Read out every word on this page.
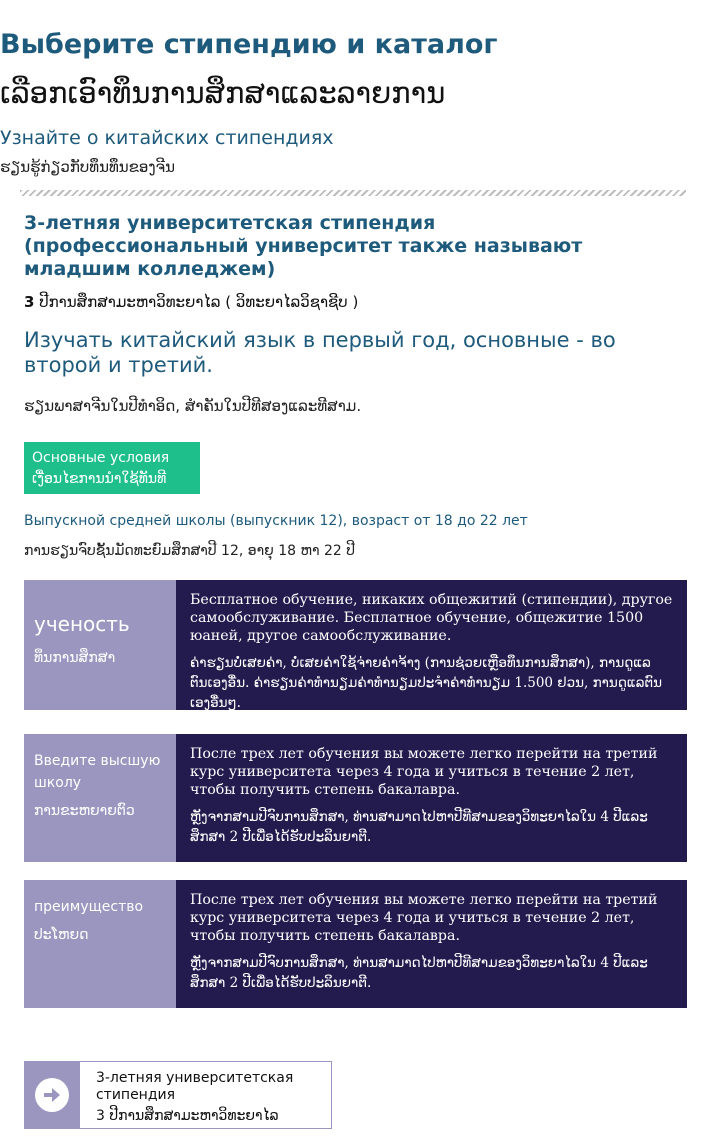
Выберите стипендию и каталог
ເລືອກເອົາທຶນການສຶກສາແລະລາຍການ
Узнайте о китайских стипендиях
ຮຽນຮູ້ກ່ຽວກັບທຶນທຶນຂອງຈີນ
3-летняя университетская стипендия (профессиональный университет также называют младшим колледжем)
3 ປີການສຶກສາມະຫາວິທະຍາໄລ ( ວິທະຍາໄລວິຊາຊີບ )
Изучать китайский язык в первый год, основные - во второй и третий.
ຮຽນພາສາຈີນໃນປີທໍາອິດ, ສໍາຄັນໃນປີທີສອງແລະທີສາມ.
Основные условия
ເງື່ອນໄຂການນໍາໃຊ້ທັນທີ
Выпускной средней школы (выпускник 12), возраст от 18 до 22 лет
ການຮຽນຈົບຊັ້ນມັດທະຍົມສຶກສາປີ 12, ອາຍຸ 18 ຫາ 22 ປີ
ученость
ທຶນການສຶກສາ
Бесплатное обучение, никаких общежитий (стипендии), другое самообслуживание. Бесплатное обучение, общежитие 1500 юаней, другое самообслуживание.
ຄ່າຮຽນບໍ່ເສຍຄ່າ, ບໍ່ເສຍຄ່າໃຊ້ຈ່າຍຄ່າຈ້າງ (ການຊ່ວຍເຫຼືອທຶນການສຶກສາ), ການດູແລຕົນເອງອື່ນ. ຄ່າຮຽນຄ່າທໍານຽມຄ່າທໍານຽມປະຈໍາຄ່າທໍານຽມ 1.500 ຢວນ, ການດູແລຕົນເອງອື່ນໆ.
Введите высшую школу
ການຂະຫຍາຍຕົວ
После трех лет обучения вы можете легко перейти на третий курс университета через 4 года и учиться в течение 2 лет, чтобы получить степень бакалавра.
ຫຼັງຈາກສາມປີຈົບການສຶກສາ, ທ່ານສາມາດໄປຫາປີທີສາມຂອງວິທະຍາໄລໃນ 4 ປີແລະສຶກສາ 2 ປີເພື່ອໄດ້ຮັບປະລິນຍາຕີ.
преимущество
ປະໂຫຍດ
После трех лет обучения вы можете легко перейти на третий курс университета через 4 года и учиться в течение 2 лет, чтобы получить степень бакалавра.
ຫຼັງຈາກສາມປີຈົບການສຶກສາ, ທ່ານສາມາດໄປຫາປີທີສາມຂອງວິທະຍາໄລໃນ 4 ປີແລະສຶກສາ 2 ປີເພື່ອໄດ້ຮັບປະລິນຍາຕີ.
3-летняя университетская стипендия
3 ປີການສຶກສາມະຫາວິທະຍາໄລ
